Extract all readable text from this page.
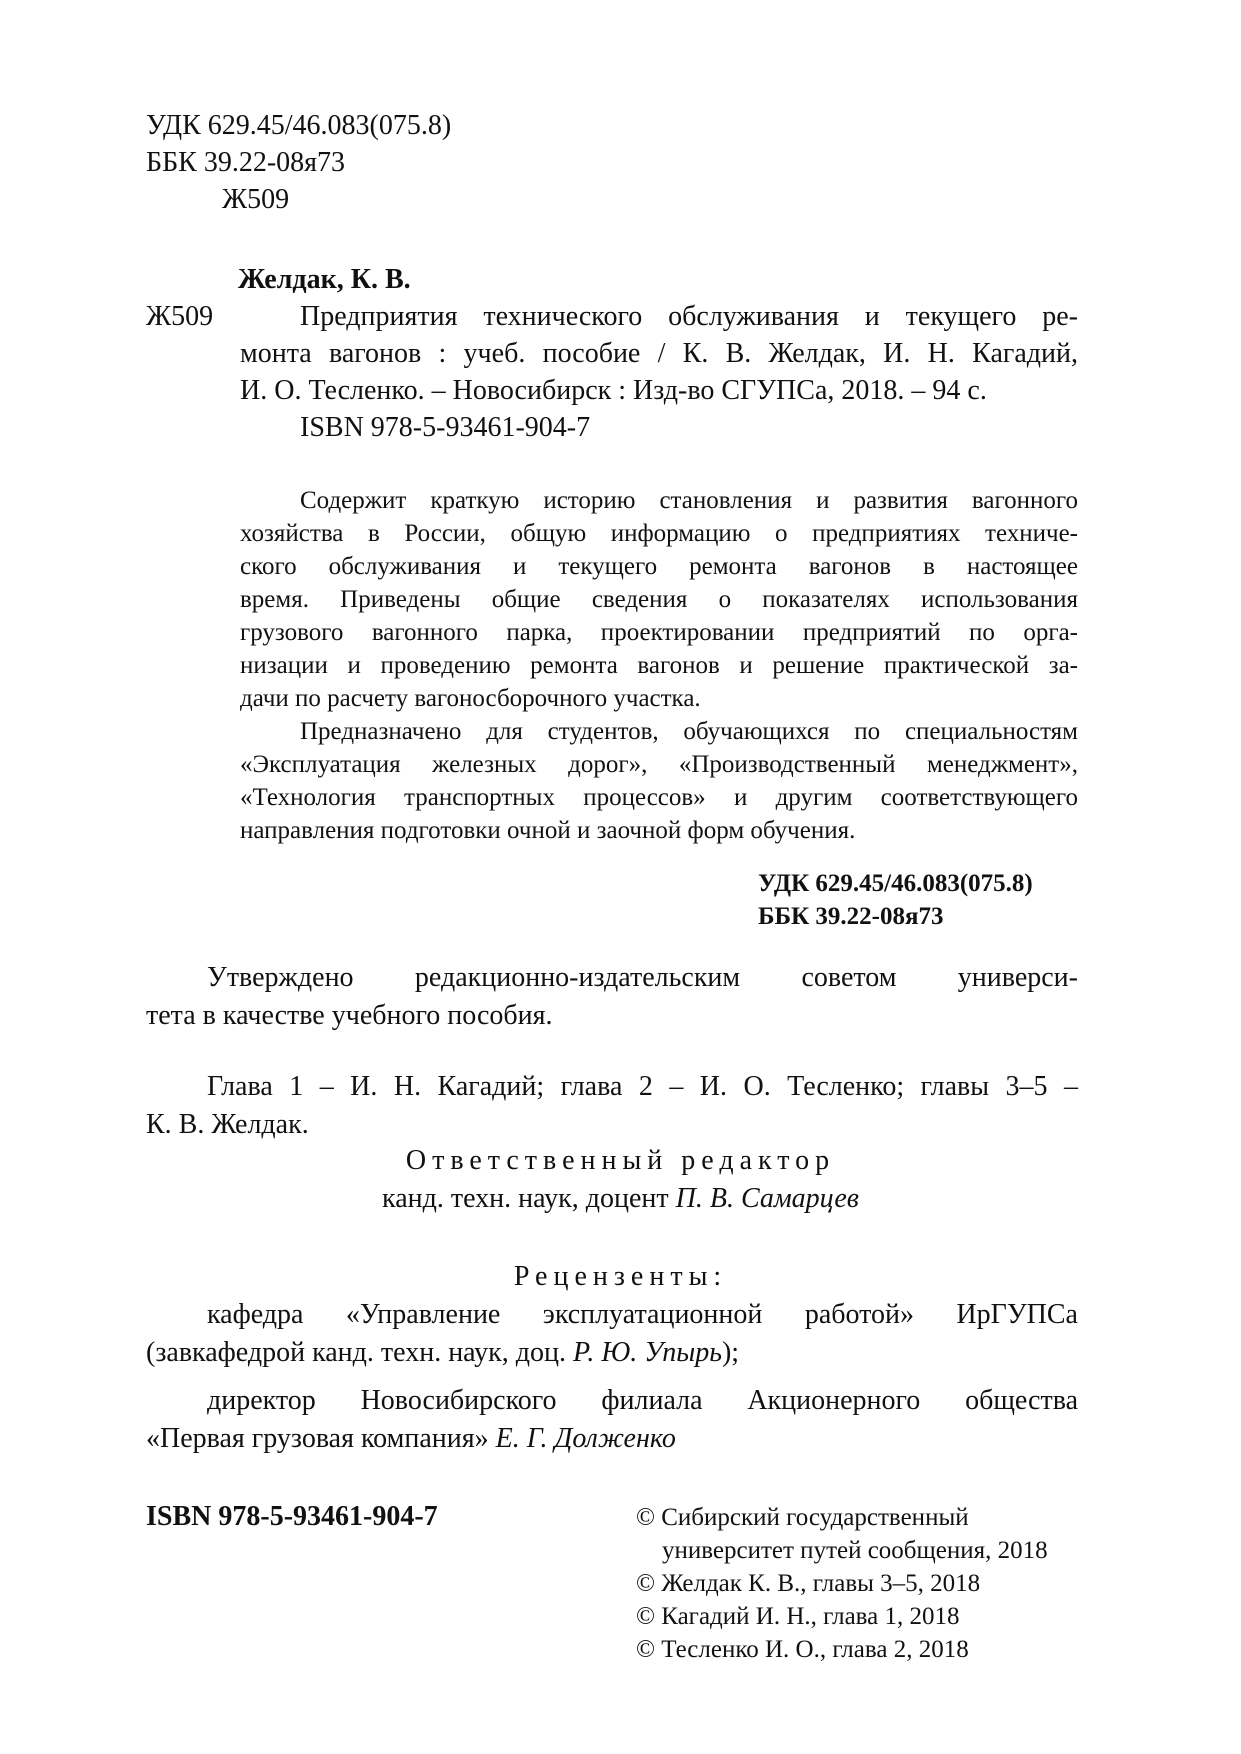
УДК 629.45/46.083(075.8)
ББК 39.22-08я73
Ж509
Желдак, К. В.
Ж509	Предприятия технического обслуживания и текущего ре-
монта вагонов : учеб. пособие / К. В. Желдак, И. Н. Кагадий,
И. О. Тесленко. – Новосибирск : Изд-во СГУПСа, 2018. – 94 с.
ISBN 978-5-93461-904-7
Содержит краткую историю становления и развития вагонного
хозяйства в России, общую информацию о предприятиях техниче-
ского обслуживания и текущего ремонта вагонов в настоящее
время. Приведены общие сведения о показателях использования
грузового вагонного парка, проектировании предприятий по орга-
низации и проведению ремонта вагонов и решение практической за-
дачи по расчету вагоносборочного участка.
Предназначено для студентов, обучающихся по специальностям
«Эксплуатация железных дорог», «Производственный менеджмент»,
«Технология транспортных процессов» и другим соответствующего
направления подготовки очной и заочной форм обучения.
УДК 629.45/46.083(075.8)
ББК 39.22-08я73
Утверждено редакционно-издательским советом универси-
тета в качестве учебного пособия.
Глава 1 – И. Н. Кагадий; глава 2 – И. О. Тесленко; главы 3–5 –
К. В. Желдак.
Ответственный редактор
канд. техн. наук, доцент П. В. Самарцев
Рецензенты:
кафедра «Управление эксплуатационной работой» ИрГУПСа
(завкафедрой канд. техн. наук, доц. Р. Ю. Упырь);
директор Новосибирского филиала Акционерного общества
«Первая грузовая компания» Е. Г. Долженко
ISBN 978-5-93461-904-7	© Сибирский государственный
университет путей сообщения, 2018
© Желдак К. В., главы 3–5, 2018
© Кагадий И. Н., глава 1, 2018
© Тесленко И. О., глава 2, 2018
